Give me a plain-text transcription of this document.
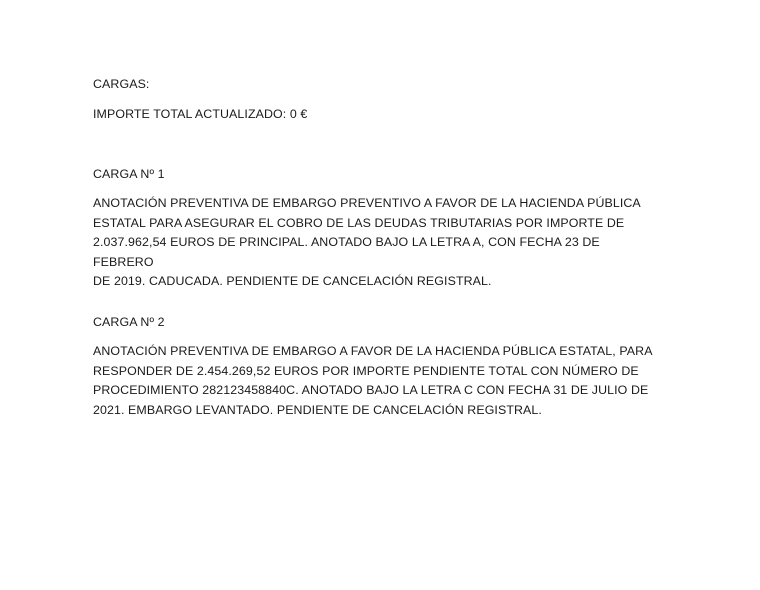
CARGAS:

IMPORTE TOTAL ACTUALIZADO: 0 €

CARGA Nº 1

ANOTACIÓN PREVENTIVA DE EMBARGO PREVENTIVO A FAVOR DE LA HACIENDA PÚBLICA
ESTATAL PARA ASEGURAR EL COBRO DE LAS DEUDAS TRIBUTARIAS POR IMPORTE DE
2.037.962,54 EUROS DE PRINCIPAL. ANOTADO BAJO LA LETRA A, CON FECHA 23 DE FEBRERO
DE 2019. CADUCADA. PENDIENTE DE CANCELACIÓN REGISTRAL.

CARGA Nº 2

ANOTACIÓN PREVENTIVA DE EMBARGO A FAVOR DE LA HACIENDA PÚBLICA ESTATAL, PARA
RESPONDER DE 2.454.269,52 EUROS POR IMPORTE PENDIENTE TOTAL CON NÚMERO DE
PROCEDIMIENTO 282123458840C. ANOTADO BAJO LA LETRA C CON FECHA 31 DE JULIO DE
2021. EMBARGO LEVANTADO. PENDIENTE DE CANCELACIÓN REGISTRAL.
